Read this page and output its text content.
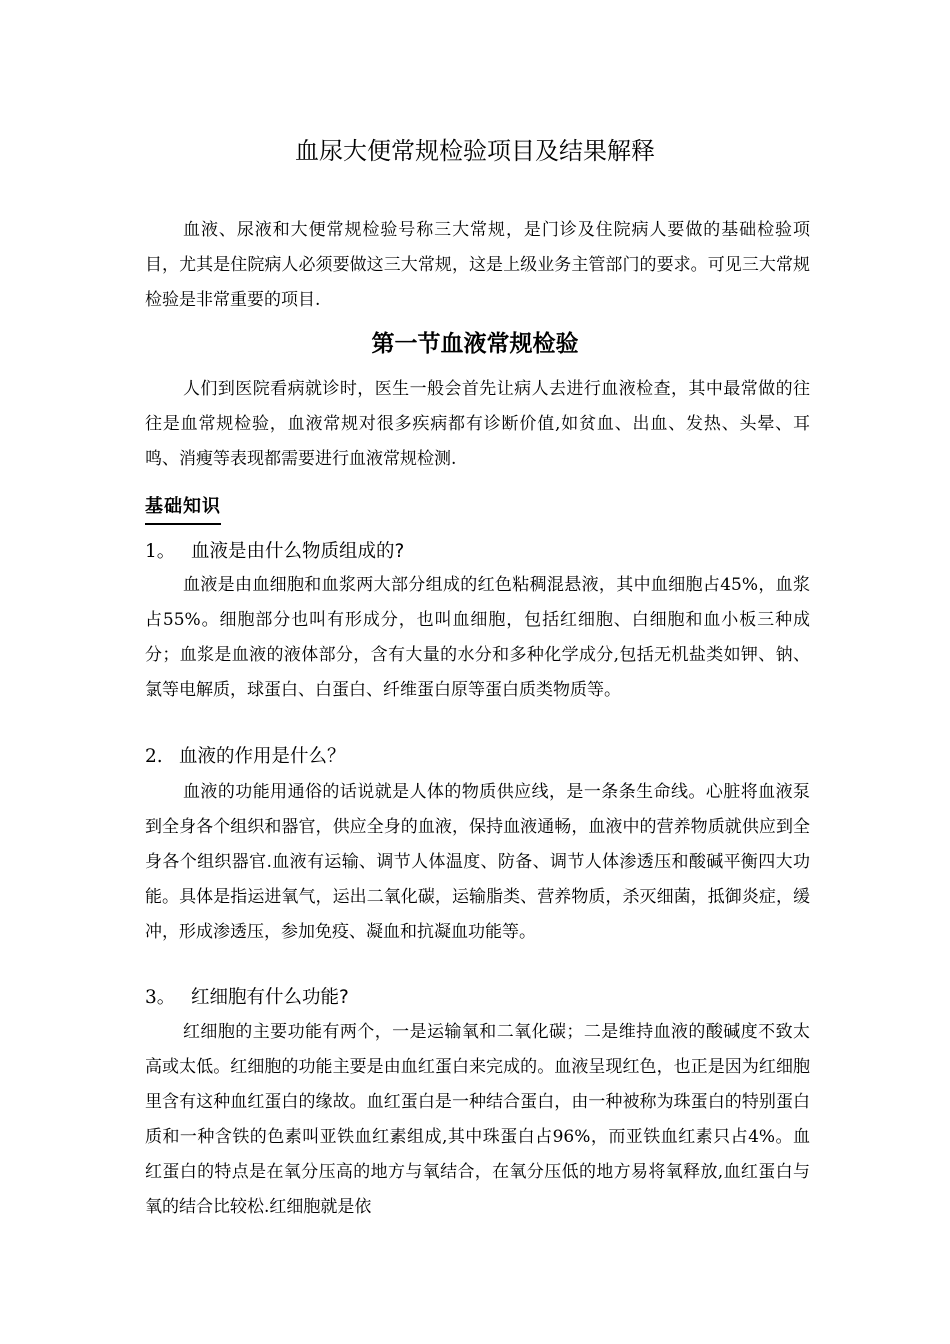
血尿大便常规检验项目及结果解释

血液、尿液和大便常规检验号称三大常规，是门诊及住院病人要做的基础检验项目，尤其是住院病人必须要做这三大常规，这是上级业务主管部门的要求。可见三大常规检验是非常重要的项目.

第一节血液常规检验

人们到医院看病就诊时，医生一般会首先让病人去进行血液检查，其中最常做的往往是血常规检验，血液常规对很多疾病都有诊断价值,如贫血、出血、发热、头晕、耳鸣、消瘦等表现都需要进行血液常规检测.

基础知识
1。 血液是由什么物质组成的?

血液是由血细胞和血浆两大部分组成的红色粘稠混悬液，其中血细胞占45%，血浆占55%。细胞部分也叫有形成分，也叫血细胞，包括红细胞、白细胞和血小板三种成分；血浆是血液的液体部分，含有大量的水分和多种化学成分,包括无机盐类如钾、钠、氯等电解质，球蛋白、白蛋白、纤维蛋白原等蛋白质类物质等。

2. 血液的作用是什么？

血液的功能用通俗的话说就是人体的物质供应线，是一条条生命线。心脏将血液泵到全身各个组织和器官，供应全身的血液，保持血液通畅，血液中的营养物质就供应到全身各个组织器官.血液有运输、调节人体温度、防备、调节人体渗透压和酸碱平衡四大功能。具体是指运进氧气，运出二氧化碳，运输脂类、营养物质，杀灭细菌，抵御炎症，缓冲，形成渗透压，参加免疫、凝血和抗凝血功能等。

3。 红细胞有什么功能?

红细胞的主要功能有两个，一是运输氧和二氧化碳；二是维持血液的酸碱度不致太高或太低。红细胞的功能主要是由血红蛋白来完成的。血液呈现红色，也正是因为红细胞里含有这种血红蛋白的缘故。血红蛋白是一种结合蛋白，由一种被称为珠蛋白的特别蛋白质和一种含铁的色素叫亚铁血红素组成,其中珠蛋白占96%，而亚铁血红素只占4%。血红蛋白的特点是在氧分压高的地方与氧结合，在氧分压低的地方易将氧释放,血红蛋白与氧的结合比较松.红细胞就是依
